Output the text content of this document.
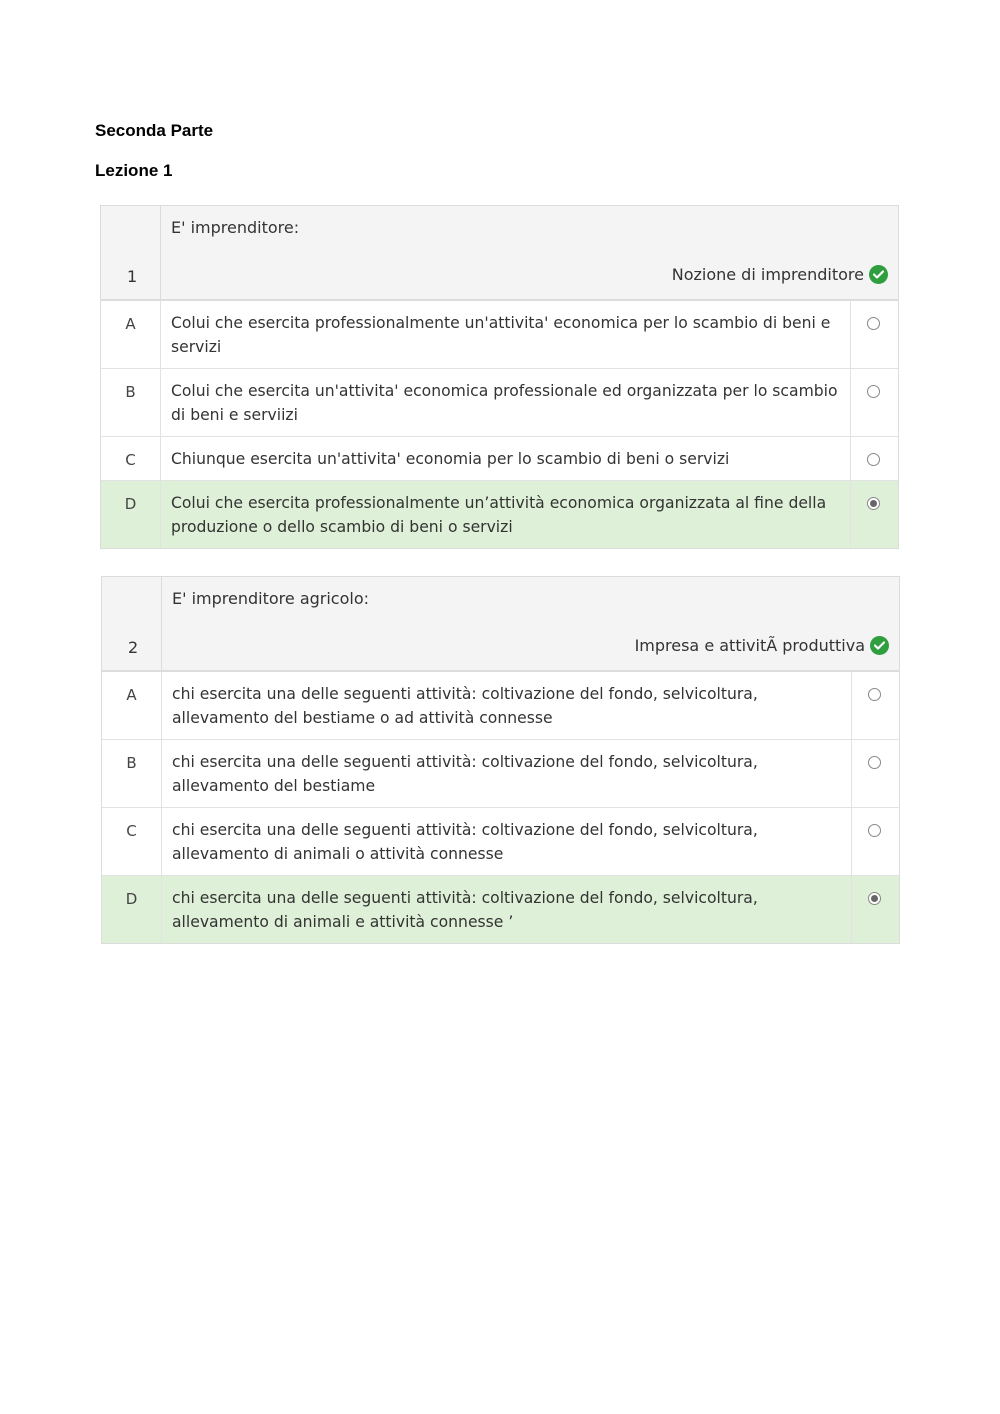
Seconda Parte
Lezione 1
1
E' imprenditore:
Nozione di imprenditore
A	Colui che esercita professionalmente un'attivita' economica per lo scambio di beni e servizi
B	Colui che esercita un'attivita' economica professionale ed organizzata per lo scambio di beni e serviizi
C	Chiunque esercita un'attivita' economia per lo scambio di beni o servizi
D	Colui che esercita professionalmente un’attività economica organizzata al fine della produzione o dello scambio di beni o servizi
2
E' imprenditore agricolo:
Impresa e attivitÃ produttiva
A	chi esercita una delle seguenti attività: coltivazione del fondo, selvicoltura, allevamento del bestiame o ad attività connesse
B	chi esercita una delle seguenti attività: coltivazione del fondo, selvicoltura, allevamento del bestiame
C	chi esercita una delle seguenti attività: coltivazione del fondo, selvicoltura, allevamento di animali o attività connesse
D	chi esercita una delle seguenti attività: coltivazione del fondo, selvicoltura, allevamento di animali e attività connesse ’
